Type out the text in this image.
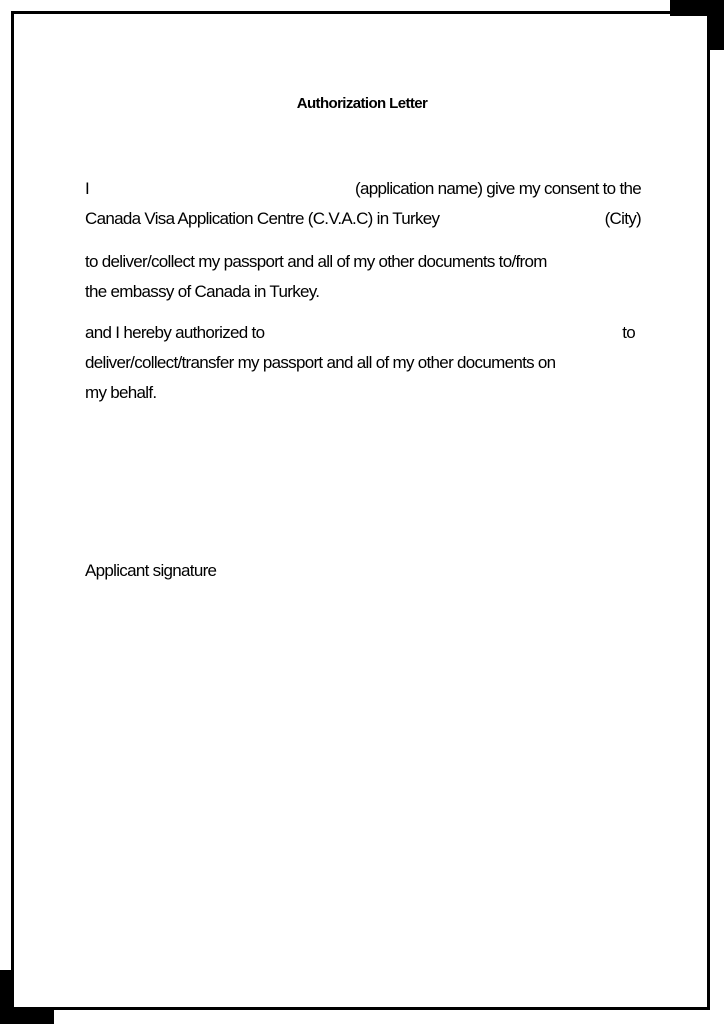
Authorization Letter
I	(application name) give my consent to the
Canada Visa Application Centre (C.V.A.C) in Turkey	(City)
to deliver/collect my passport and all of my other documents to/from
the embassy of Canada in Turkey.
and I hereby authorized to	to
deliver/collect/transfer my passport and all of my other documents on
my behalf.
Applicant signature
